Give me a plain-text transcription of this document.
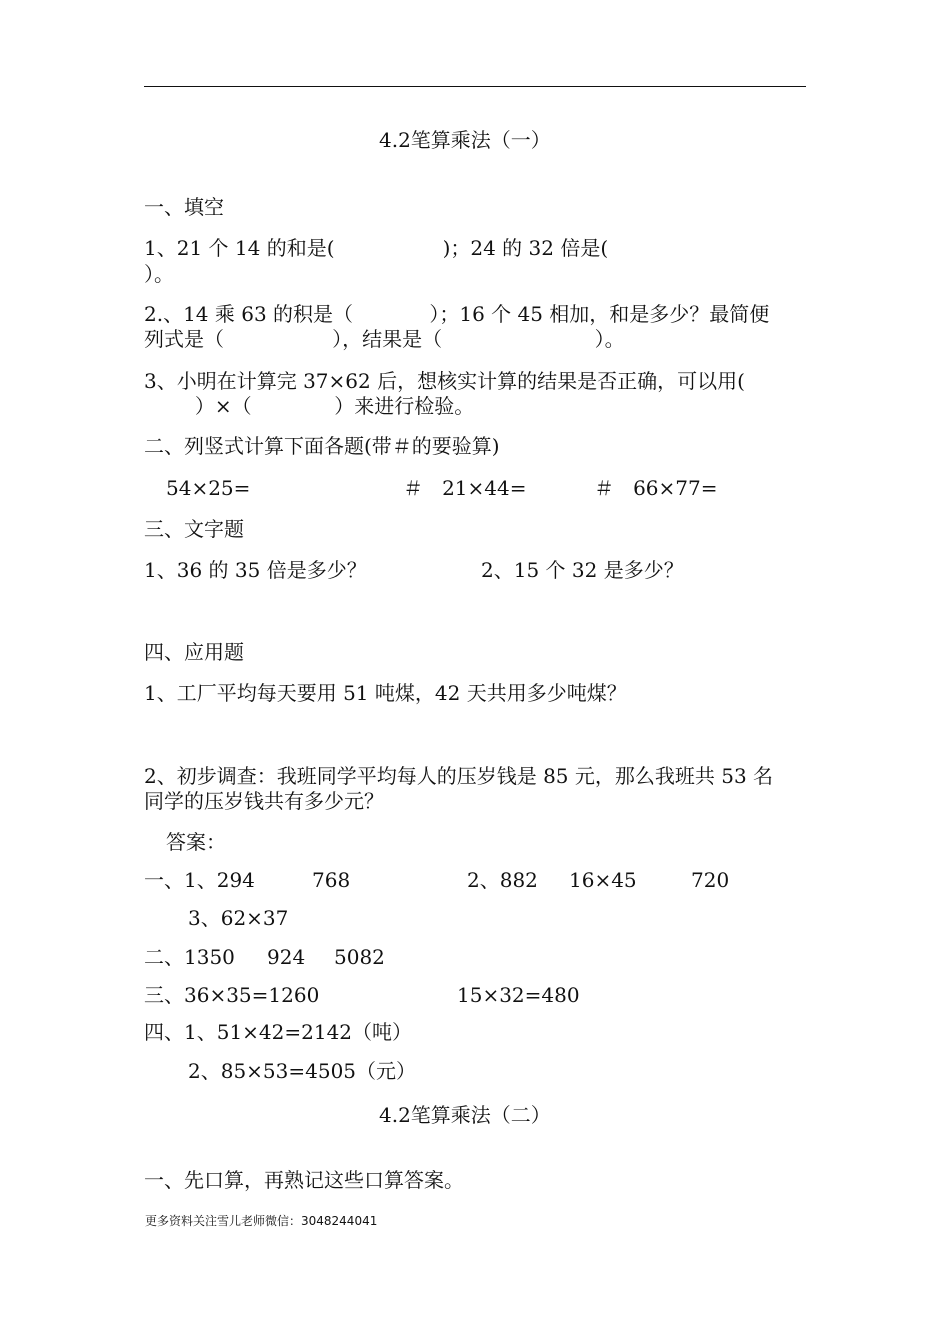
4.2笔算乘法（一）
一、填空
1、21 个 14 的和是(                 )；24 的 32 倍是(
）。
2.、14 乘 63 的积是（            ）；16 个 45 相加，和是多少？最简便
列式是（                 ），结果是（                        ）。
3、小明在计算完 37×62 后，想核实计算的结果是否正确，可以用(
）×（             ）来进行检验。
二、列竖式计算下面各题(带＃的要验算)
54×25=	＃   21×44=	＃   66×77=
三、文字题
1、36 的 35 倍是多少？	2、15 个 32 是多少？
四、应用题
1、工厂平均每天要用 51 吨煤，42 天共用多少吨煤？
2、初步调查：我班同学平均每人的压岁钱是 85 元，那么我班共 53 名
同学的压岁钱共有多少元？
答案：
一、1、294	768	2、882 16×45	720
3、62×37
二、1350 924 5082
三、36×35=1260	15×32=480
四、1、51×42=2142（吨）
2、85×53=4505（元）
4.2笔算乘法（二）
一、先口算，再熟记这些口算答案。
更多资料关注雪儿老师微信：3048244041
